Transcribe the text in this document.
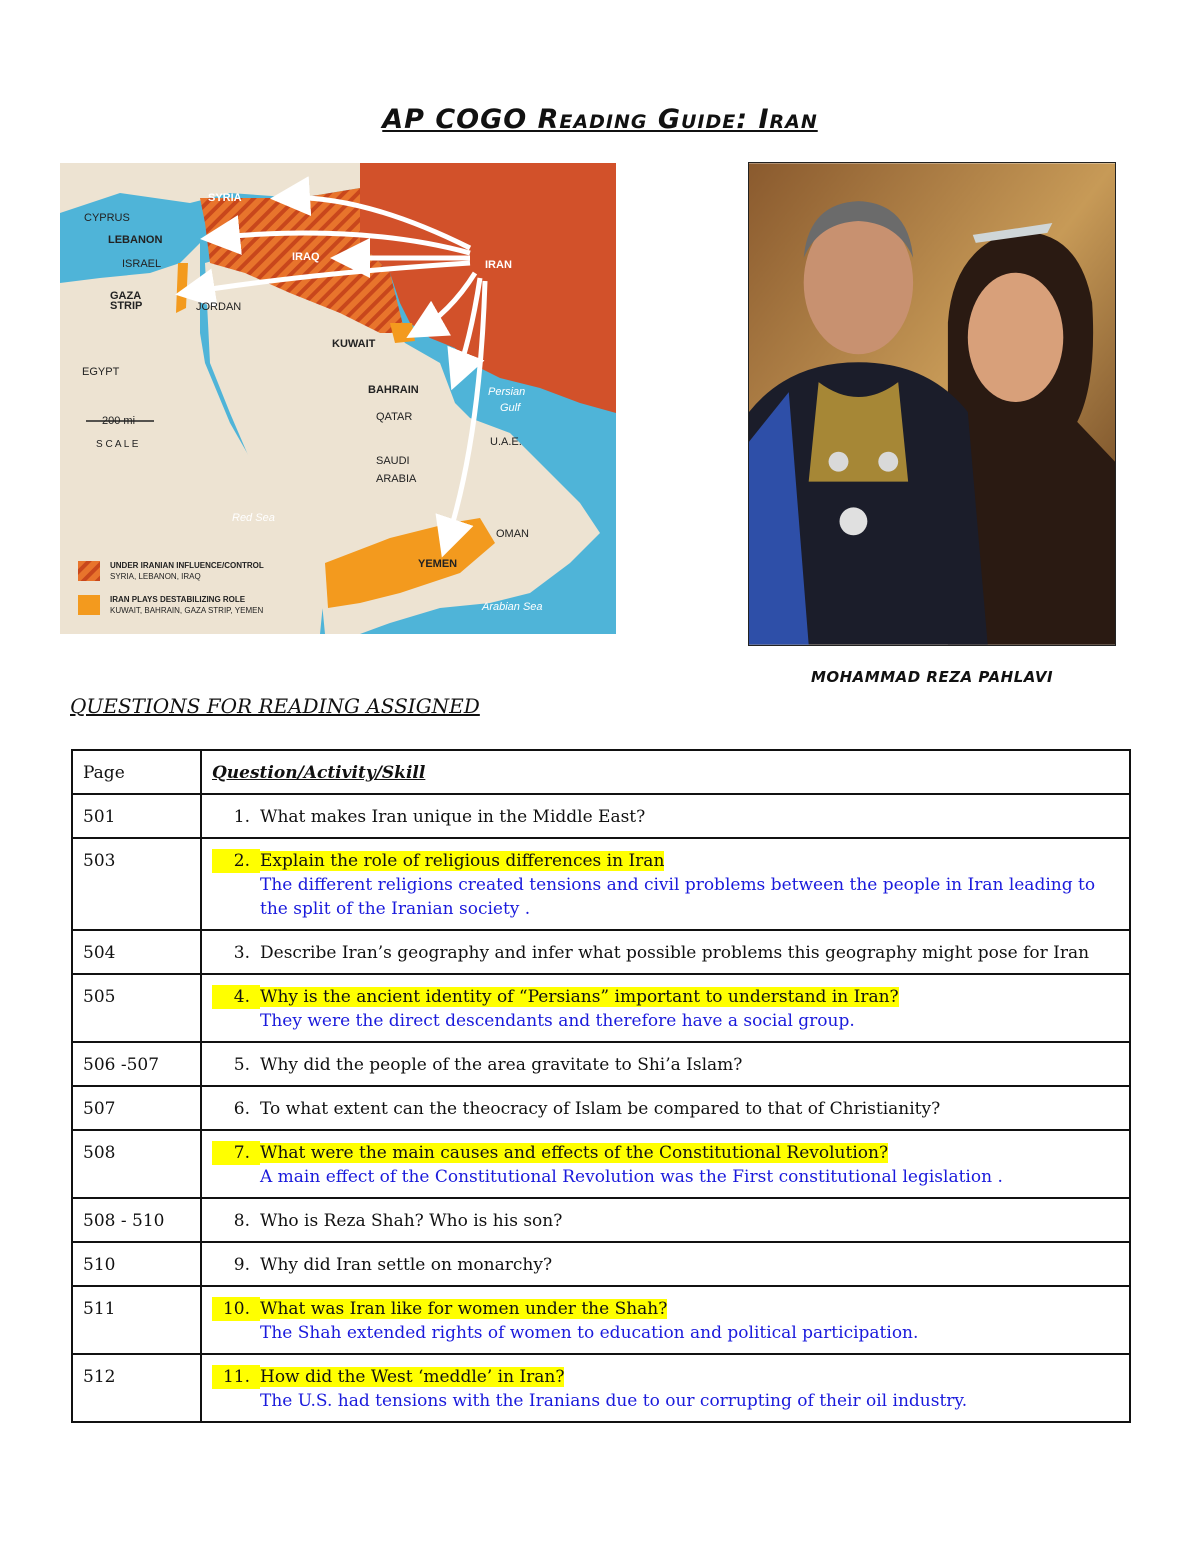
AP COGO Reading Guide: Iran
SYRIA
CYPRUS
LEBANON
ISRAEL
IRAQ
IRAN
GAZA
STRIP	JORDAN
KUWAIT
EGYPT
BAHRAIN	Persian
Gulf
QATAR
U.A.E.
SAUDI
ARABIA
Red Sea
OMAN
YEMEN
Arabian Sea
200 mi
S C A L E
UNDER IRANIAN INFLUENCE/CONTROL
SYRIA, LEBANON, IRAQ
IRAN PLAYS DESTABILIZING ROLE
KUWAIT, BAHRAIN, GAZA STRIP, YEMEN
MOHAMMAD REZA PAHLAVI
QUESTIONS FOR READING ASSIGNED
Page	Question/Activity/Skill
501	1. What makes Iran unique in the Middle East?

503	2. Explain the role of religious differences in Iran
The different religions created tensions and civil problems between the people in Iran leading to the split of the Iranian society .

504	3. Describe Iran’s geography and infer what possible problems this geography might pose for Iran

505	4. Why is the ancient identity of “Persians” important to understand in Iran?
They were the direct descendants and therefore have a social group.

506 -507	5. Why did the people of the area gravitate to Shi’a Islam?

507	6. To what extent can the theocracy of Islam be compared to that of Christianity?

508	7. What were the main causes and effects of the Constitutional Revolution?
A main effect of the Constitutional Revolution was the First constitutional legislation .

508 - 510	8. Who is Reza Shah? Who is his son?

510	9. Why did Iran settle on monarchy?

511	10. What was Iran like for women under the Shah?
The Shah extended rights of women to education and political participation.

512	11. How did the West ‘meddle’ in Iran?
The U.S. had tensions with the Iranians due to our corrupting of their oil industry.
